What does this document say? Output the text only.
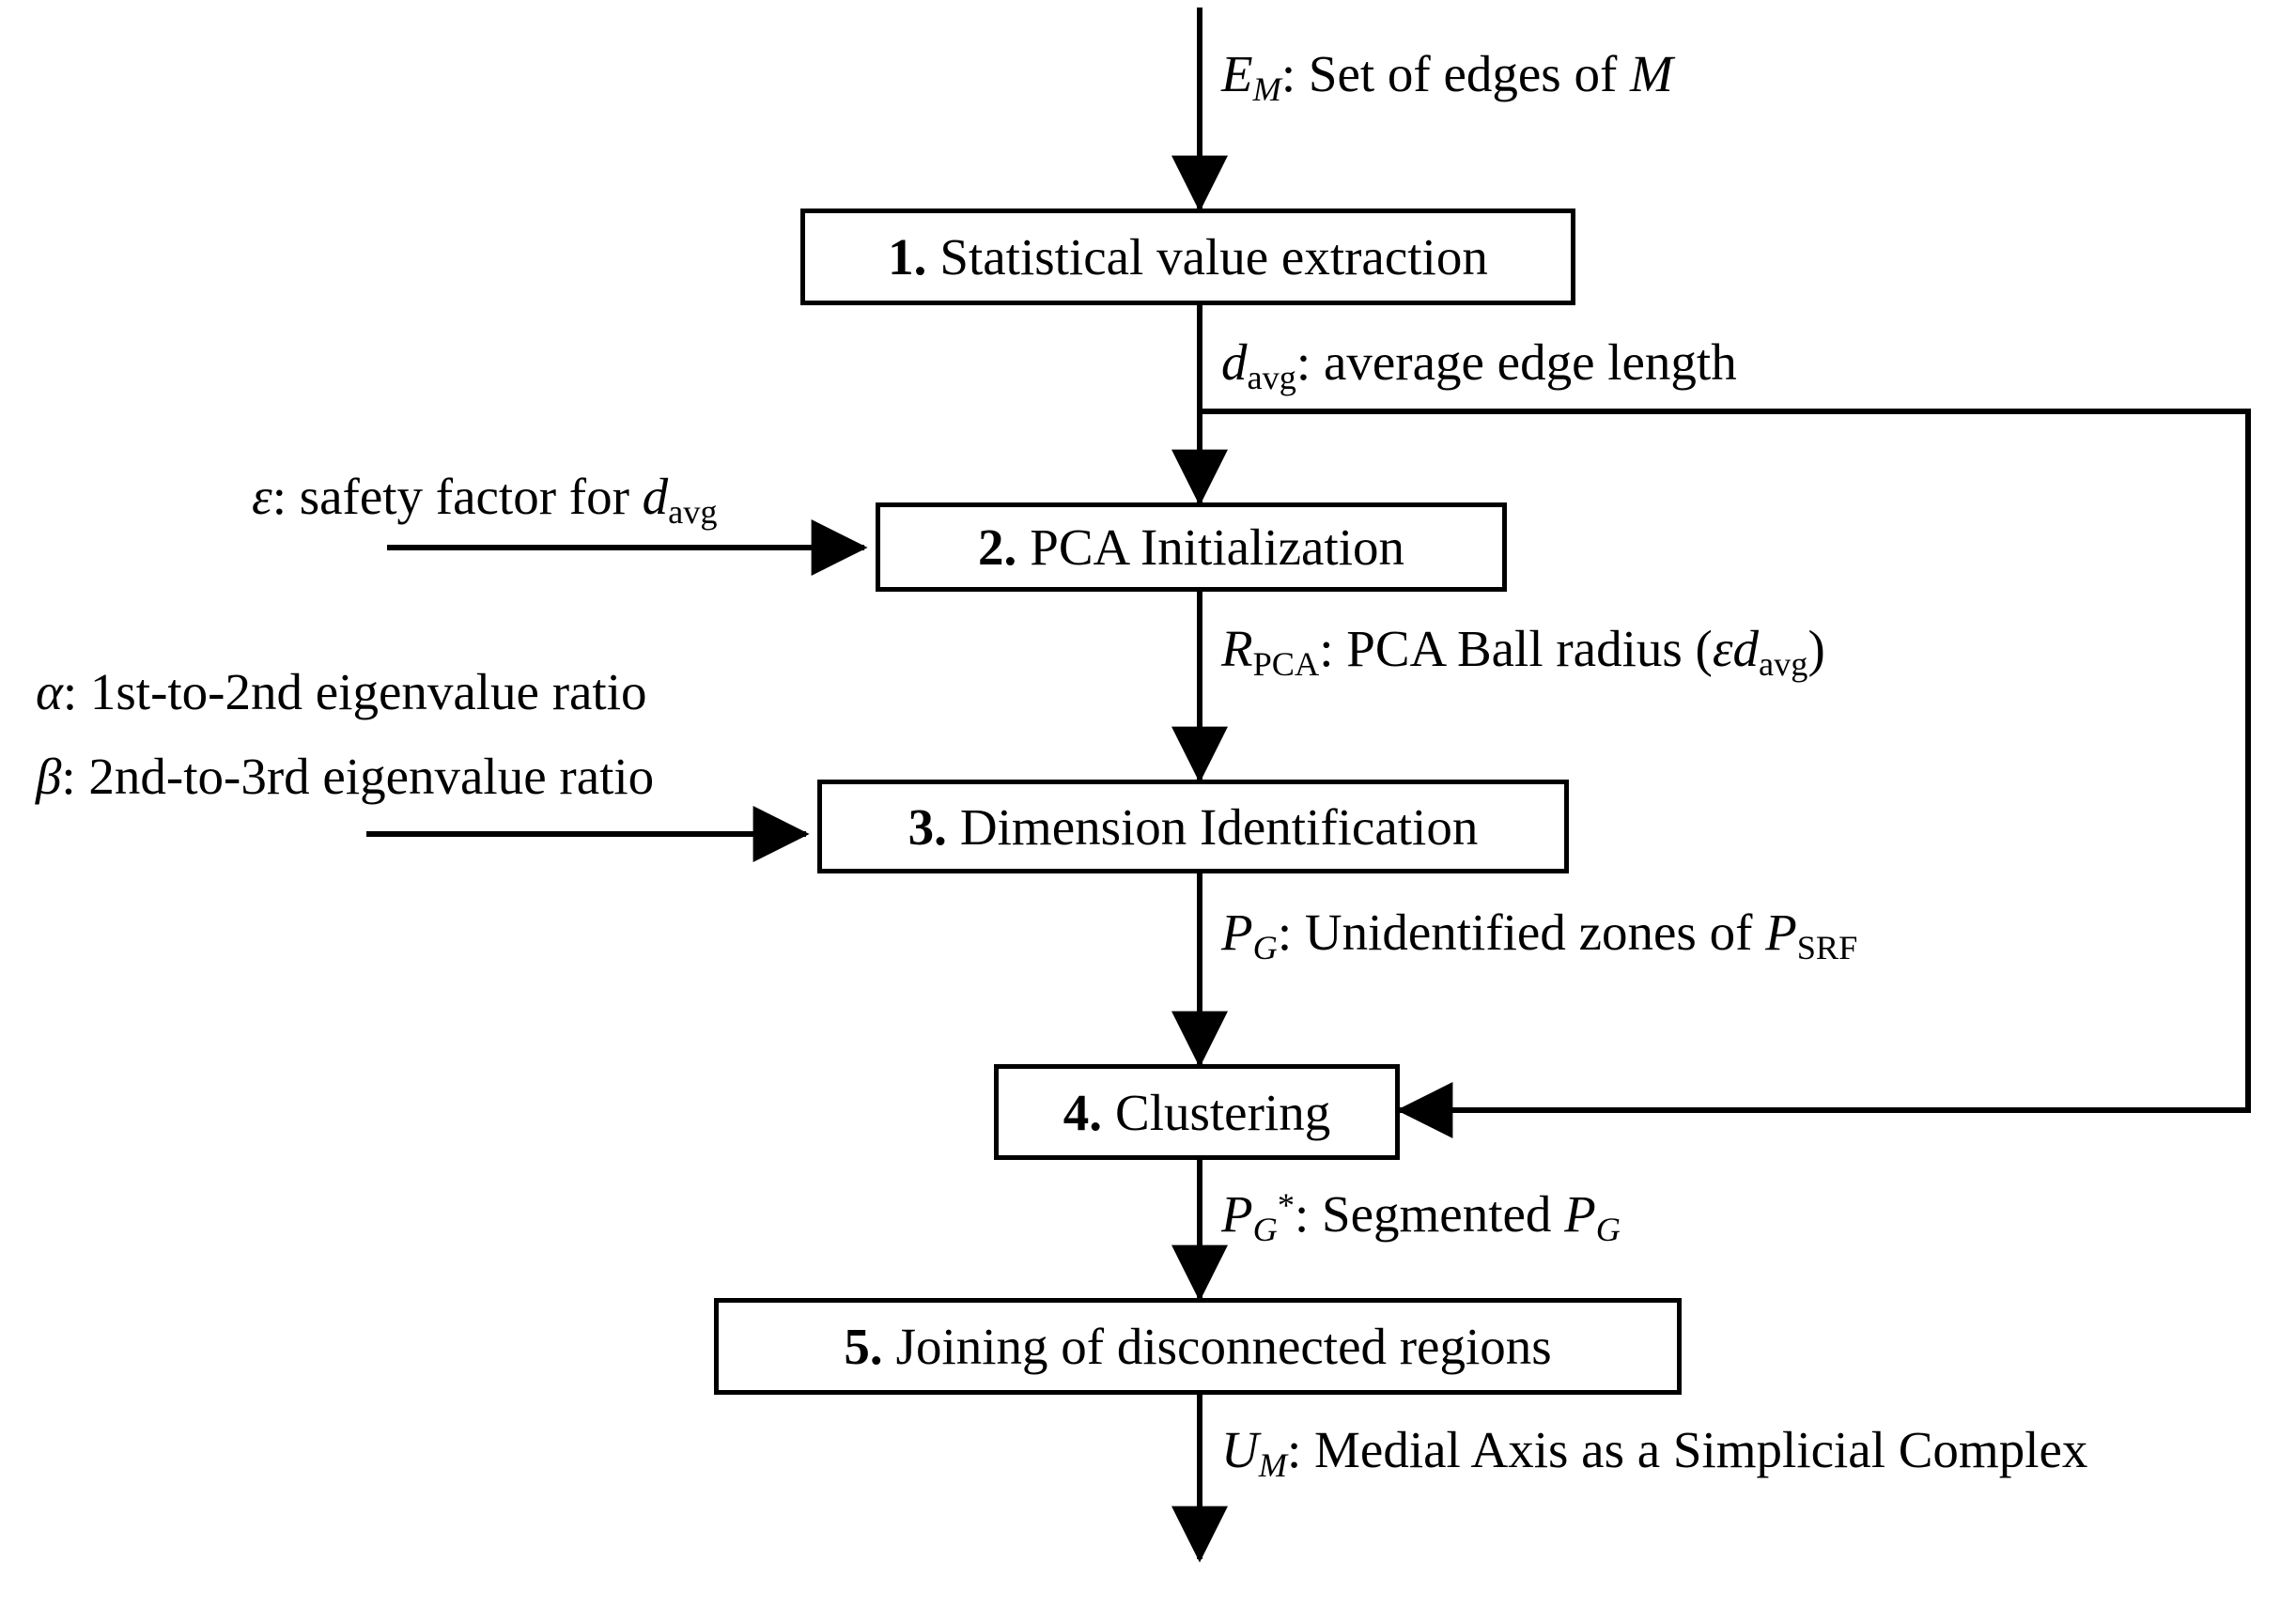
1. Statistical value extraction
2. PCA Initialization
3. Dimension Identification
4. Clustering
5. Joining of disconnected regions
$E_M$: Set of edges of M
$d_{avg}$: average edge length
$R_{PCA}$: PCA Ball radius $(\varepsilon d_{avg})$
$P_G$: Unidentified zones of $P_{SRF}$
$P_G^*$: Segmented $P_G$
$U_M$: Medial Axis as a Simplicial Complex
ε: safety factor for $d_{avg}$
α: 1st-to-2nd eigenvalue ratio
β: 2nd-to-3rd eigenvalue ratio
